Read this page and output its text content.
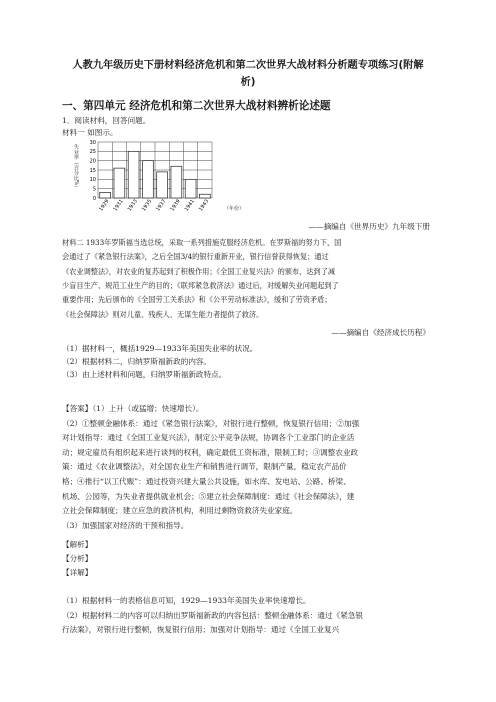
人教九年级历史下册材料经济危机和第二次世界大战材料分析题专项练习(附解析)
一、第四单元 经济危机和第二次世界大战材料辨析论述题
1．阅读材料，回答问题。
材料一 如图示。
失业率（百分比%）
0
5
10
15
20
25
30
1929 1931 1933 1935 1937 1939 1941 1943	（年份）
——摘编自《世界历史》九年级下册
材料二 1933年罗斯福当选总统，采取一系列措施克服经济危机。在罗斯福的努力下，国
会通过了《紧急银行法案》，之后全国3/4的银行重新开业，银行信誉获得恢复；通过
《农业调整法》，对农业的复苏起到了积极作用；《全国工业复兴法》的颁布，达到了减
少盲目生产、规范工业生产的目的；《联邦紧急救济法》通过后，对缓解失业问题起到了
重要作用；先后颁布的《全国劳工关系法》和《公平劳动标准法》，缓和了劳资矛盾；
《社会保障法》则对儿童、残疾人、无谋生能力者提供了救济。
——摘编自《经济成长历程》
（1）据材料一，概括1929—1933年美国失业率的状况。
（2）根据材料二，归纳罗斯福新政的内容。
（3）由上述材料和问题，归纳罗斯福新政特点。
【答案】（1）上升（或猛增；快速增长）。
（2）①整顿金融体系：通过《紧急银行法案》，对银行进行整顿，恢复银行信用；②加强
对计划指导：通过《全国工业复兴法》，制定公平竞争法规，协调各个工业部门的企业活
动；规定雇员有组织起来进行谈判的权利，确定最低工资标准，限制工时；③调整农业政
策：通过《农业调整法》，对全国农业生产和销售进行调节，限制产量，稳定农产品价
格；④推行“以工代赈”：通过投资兴建大量公共设施，如水库、发电站、公路、桥梁、
机场、公园等，为失业者提供就业机会；⑤建立社会保障制度：通过《社会保障法》，建
立社会保障制度；建立应急的救济机构，利用过剩物资救济失业家庭。
（3）加强国家对经济的干预和指导。
【解析】
【分析】
【详解】
（1）根据材料一的表格信息可知，1929—1933年美国失业率快速增长。
（2）根据材料二的内容可以归纳出罗斯福新政的内容包括：整顿金融体系：通过《紧急银
行法案》，对银行进行整顿，恢复银行信用；加强对计划指导：通过《全国工业复兴
